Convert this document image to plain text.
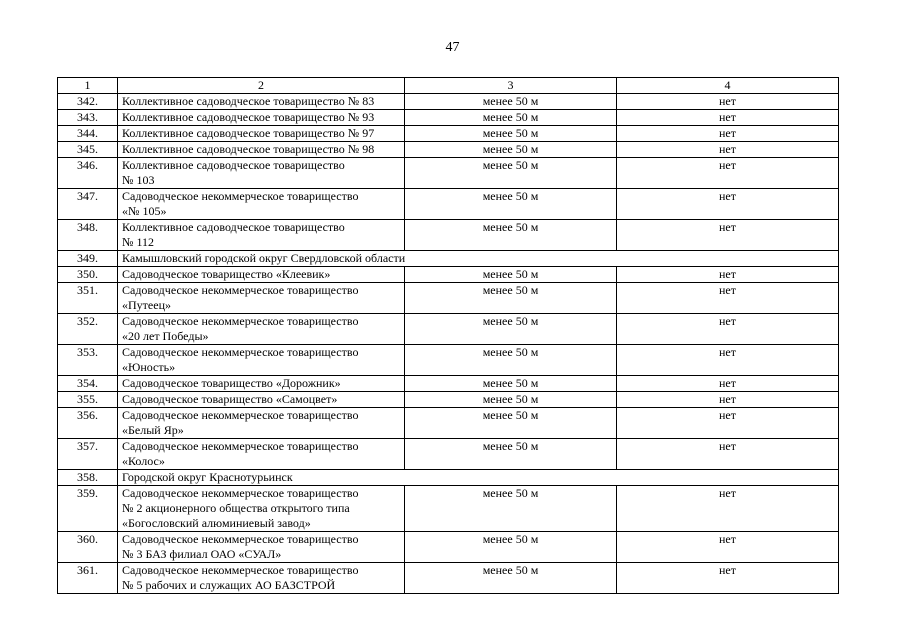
47
1	2	3	4
342.	Коллективное садоводческое товарищество № 83	менее 50 м	нет
343.	Коллективное садоводческое товарищество № 93	менее 50 м	нет
344.	Коллективное садоводческое товарищество № 97	менее 50 м	нет
345.	Коллективное садоводческое товарищество № 98	менее 50 м	нет
346.	Коллективное садоводческое товарищество
№ 103	менее 50 м	нет
347.	Садоводческое некоммерческое товарищество
«№ 105»	менее 50 м	нет
348.	Коллективное садоводческое товарищество
№ 112	менее 50 м	нет
349.	Камышловский городской округ Свердловской области		
350.	Садоводческое товарищество «Клеевик»	менее 50 м	нет
351.	Садоводческое некоммерческое товарищество
«Путеец»	менее 50 м	нет
352.	Садоводческое некоммерческое товарищество
«20 лет Победы»	менее 50 м	нет
353.	Садоводческое некоммерческое товарищество
«Юность»	менее 50 м	нет
354.	Садоводческое товарищество «Дорожник»	менее 50 м	нет
355.	Садоводческое товарищество «Самоцвет»	менее 50 м	нет
356.	Садоводческое некоммерческое товарищество
«Белый Яр»	менее 50 м	нет
357.	Садоводческое некоммерческое товарищество
«Колос»	менее 50 м	нет
358.	Городской округ Краснотурьинск		
359.	Садоводческое некоммерческое товарищество
№ 2 акционерного общества открытого типа
«Богословский алюминиевый завод»	менее 50 м	нет
360.	Садоводческое некоммерческое товарищество
№ 3 БАЗ филиал ОАО «СУАЛ»	менее 50 м	нет
361.	Садоводческое некоммерческое товарищество
№ 5 рабочих и служащих АО БАЗСТРОЙ	менее 50 м	нет
